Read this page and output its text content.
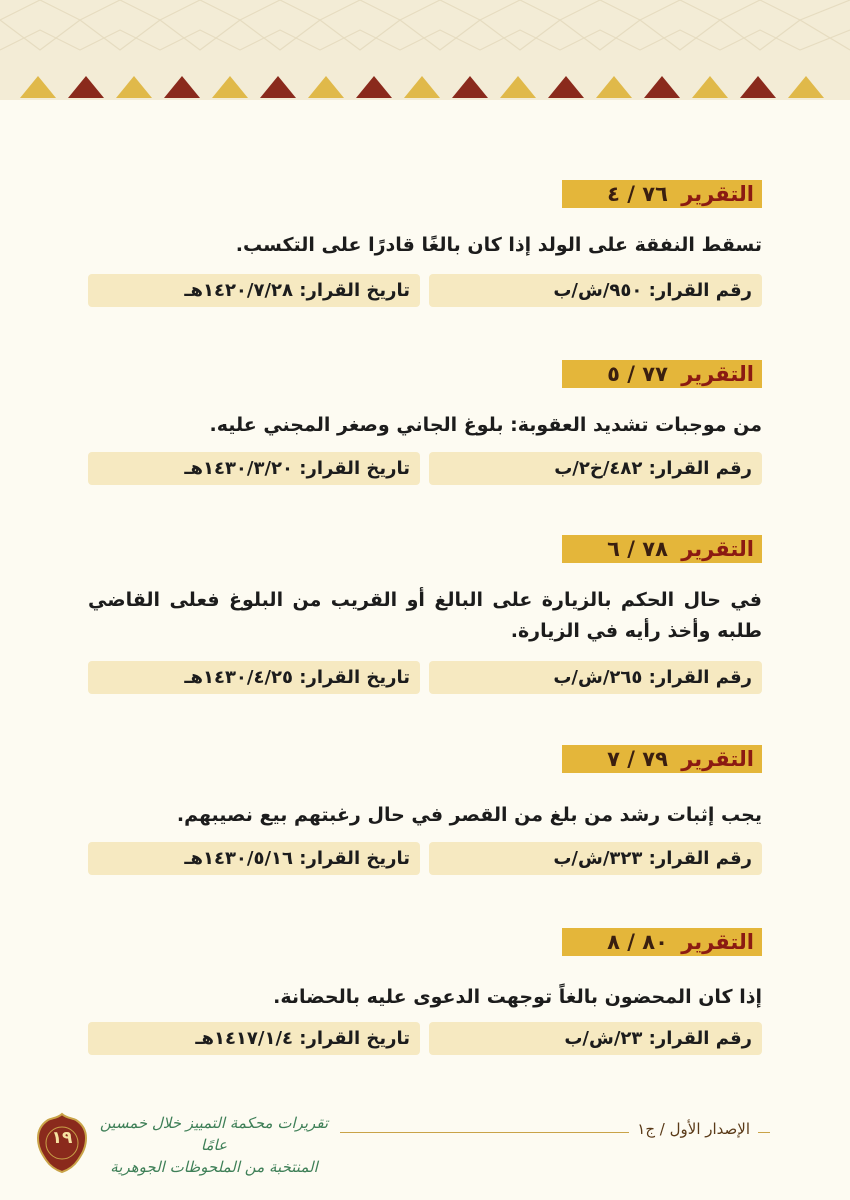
التقرير ٧٦ / ٤
تسقط النفقة على الولد إذا كان بالغًا قادرًا على التكسب.
رقم القرار: ٩٥٠/ش/ب
تاريخ القرار: ١٤٢٠/٧/٢٨هـ
التقرير ٧٧ / ٥
من موجبات تشديد العقوبة: بلوغ الجاني وصغر المجني عليه.
رقم القرار: ٤٨٢/خ٢/ب
تاريخ القرار: ١٤٣٠/٣/٢٠هـ
التقرير ٧٨ / ٦
في حال الحكم بالزيارة على البالغ أو القريب من البلوغ فعلى القاضي طلبه وأخذ رأيه في الزيارة.
رقم القرار: ٢٦٥/ش/ب
تاريخ القرار: ١٤٣٠/٤/٢٥هـ
التقرير ٧٩ / ٧
يجب إثبات رشد من بلغ من القصر في حال رغبتهم بيع نصيبهم.
رقم القرار: ٣٢٣/ش/ب
تاريخ القرار: ١٤٣٠/٥/١٦هـ
التقرير ٨٠ / ٨
إذا كان المحضون بالغاً توجهت الدعوى عليه بالحضانة.
رقم القرار: ٢٣/ش/ب
تاريخ القرار: ١٤١٧/١/٤هـ
الإصدار الأول / ج١
تقريرات محكمة التمييز خلال خمسين عامًا
المنتخبة من الملحوظات الجوهرية
١٩
